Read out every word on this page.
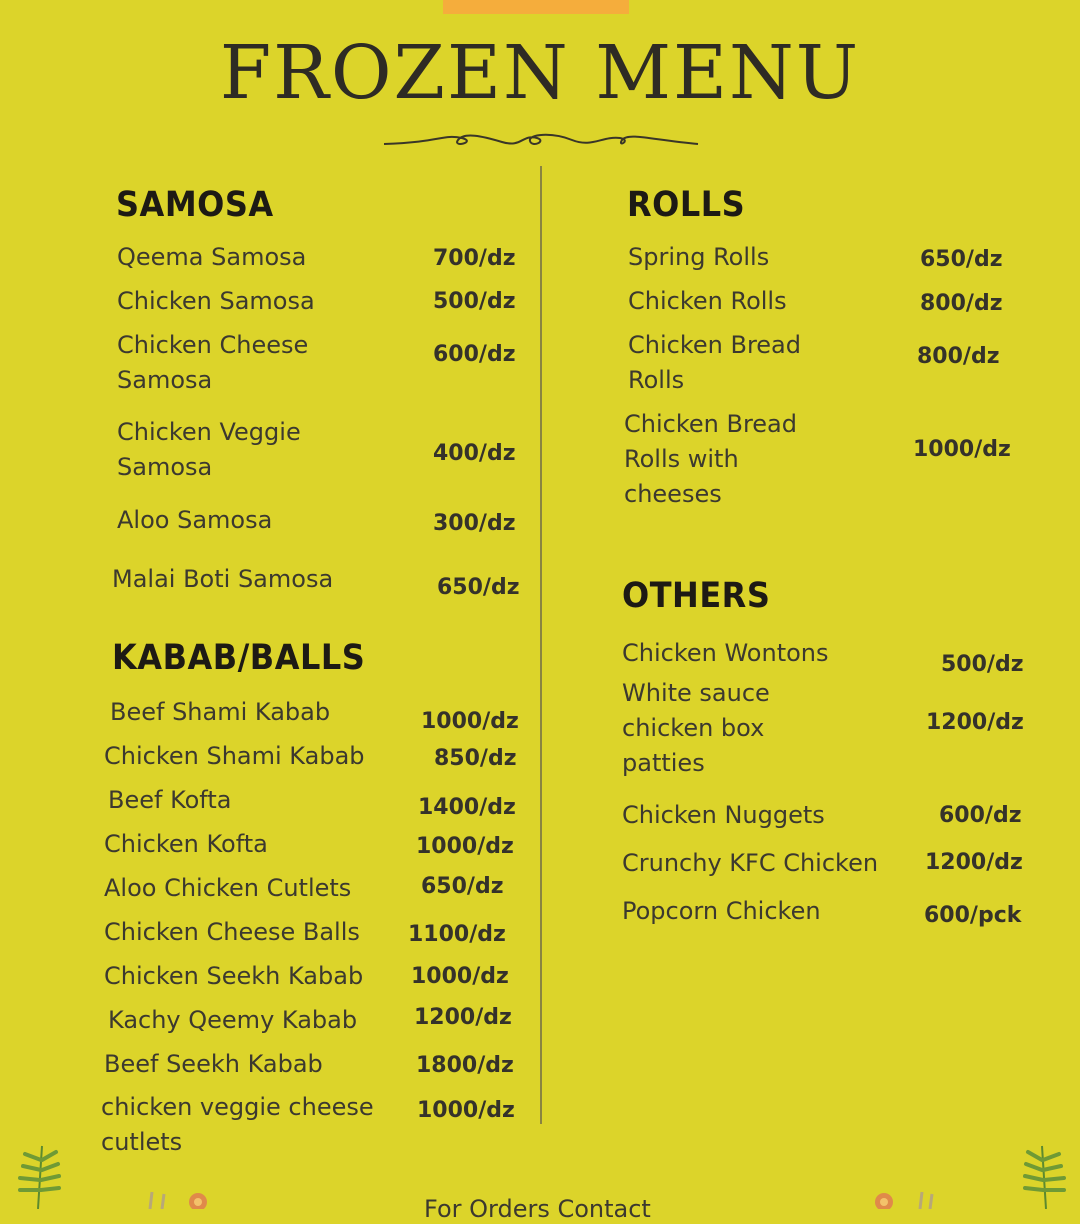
FROZEN MENU
SAMOSA
Qeema Samosa	700/dz
Chicken Samosa	500/dz
Chicken Cheese
Samosa
600/dz
Chicken Veggie
Samosa	400/dz
Aloo Samosa	300/dz
Malai Boti Samosa	650/dz
KABAB/BALLS
Beef Shami Kabab	1000/dz
Chicken Shami Kabab	850/dz
Beef Kofta	1400/dz
Chicken Kofta	1000/dz
Aloo Chicken Cutlets	650/dz
Chicken Cheese Balls 1100/dz
Chicken Seekh Kabab 1000/dz
Kachy Qeemy Kabab	1200/dz
Beef Seekh Kabab	1800/dz
chicken veggie cheese
cutlets
1000/dz
ROLLS
Spring Rolls	650/dz
Chicken Rolls	800/dz
Chicken Bread
Rolls
800/dz
Chicken Bread
Rolls with
cheeses
1000/dz
OTHERS
Chicken Wontons	500/dz
White sauce
chicken box
patties
1200/dz
Chicken Nuggets	600/dz
Crunchy KFC Chicken 1200/dz
Popcorn Chicken	600/pck
For Orders Contact
